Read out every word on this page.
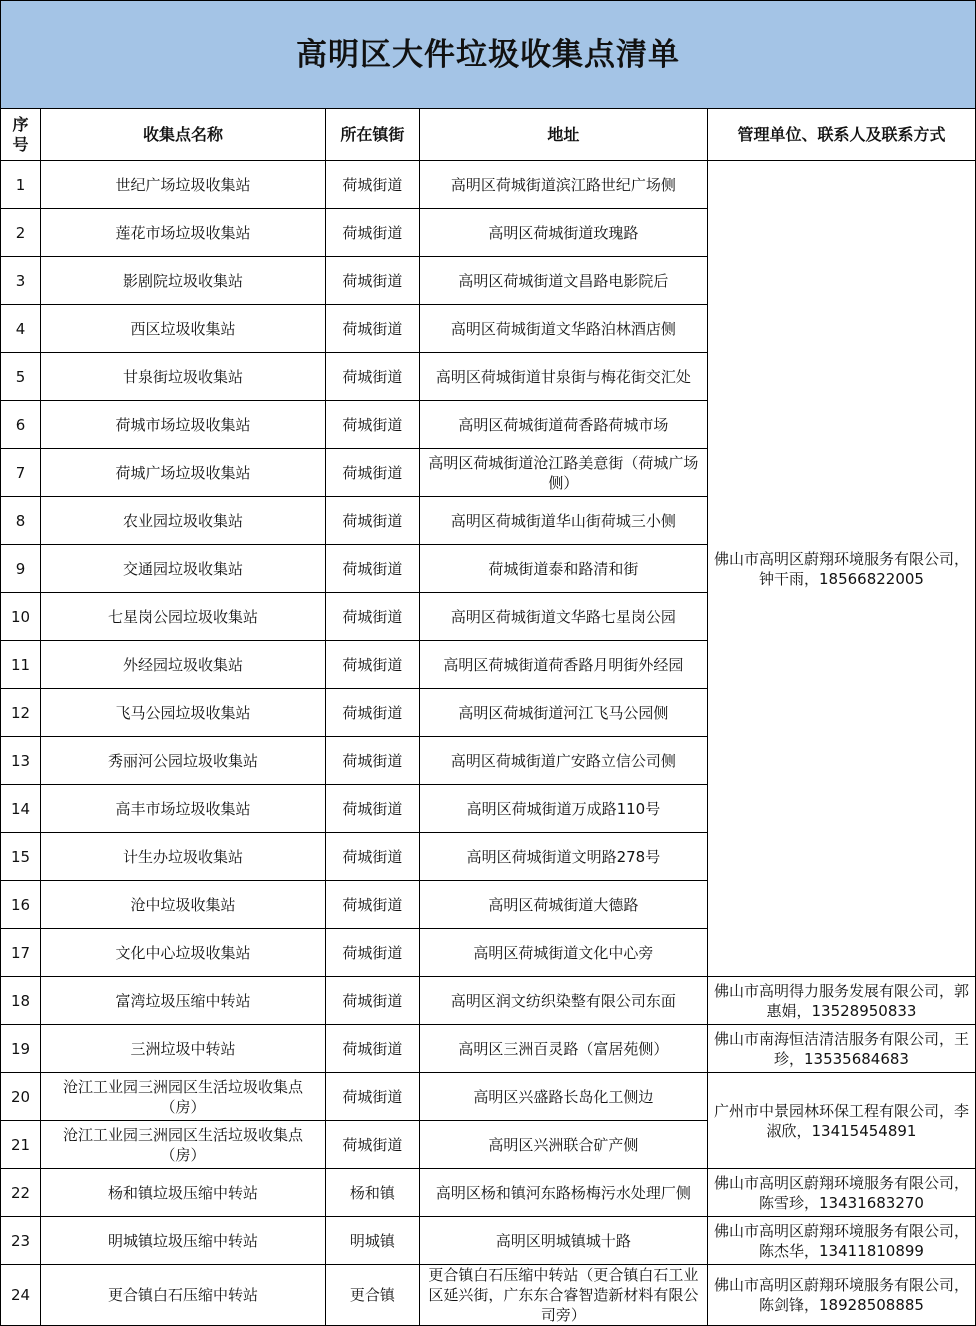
高明区大件垃圾收集点清单				
序号	收集点名称	所在镇街	地址	管理单位、联系人及联系方式
1	世纪广场垃圾收集站	荷城街道	高明区荷城街道滨江路世纪广场侧	佛山市高明区蔚翔环境服务有限公司，钟干雨，18566822005
2	莲花市场垃圾收集站	荷城街道	高明区荷城街道玫瑰路	
3	影剧院垃圾收集站	荷城街道	高明区荷城街道文昌路电影院后	
4	西区垃圾收集站	荷城街道	高明区荷城街道文华路泊林酒店侧	
5	甘泉街垃圾收集站	荷城街道	高明区荷城街道甘泉街与梅花街交汇处	
6	荷城市场垃圾收集站	荷城街道	高明区荷城街道荷香路荷城市场	
7	荷城广场垃圾收集站	荷城街道	高明区荷城街道沧江路美意街（荷城广场侧）	
8	农业园垃圾收集站	荷城街道	高明区荷城街道华山街荷城三小侧	
9	交通园垃圾收集站	荷城街道	荷城街道泰和路清和街	
10	七星岗公园垃圾收集站	荷城街道	高明区荷城街道文华路七星岗公园	
11	外经园垃圾收集站	荷城街道	高明区荷城街道荷香路月明街外经园	
12	飞马公园垃圾收集站	荷城街道	高明区荷城街道河江飞马公园侧	
13	秀丽河公园垃圾收集站	荷城街道	高明区荷城街道广安路立信公司侧	
14	高丰市场垃圾收集站	荷城街道	高明区荷城街道万成路110号	
15	计生办垃圾收集站	荷城街道	高明区荷城街道文明路278号	
16	沧中垃圾收集站	荷城街道	高明区荷城街道大德路	
17	文化中心垃圾收集站	荷城街道	高明区荷城街道文化中心旁	
18	富湾垃圾压缩中转站	荷城街道	高明区润文纺织染整有限公司东面	佛山市高明得力服务发展有限公司，郭惠娟，13528950833
19	三洲垃圾中转站	荷城街道	高明区三洲百灵路（富居苑侧）	佛山市南海恒洁清洁服务有限公司，王珍，13535684683
20	沧江工业园三洲园区生活垃圾收集点（房）	荷城街道	高明区兴盛路长岛化工侧边	广州市中景园林环保工程有限公司，李淑欣，13415454891
21	沧江工业园三洲园区生活垃圾收集点（房）	荷城街道	高明区兴洲联合矿产侧	
22	杨和镇垃圾压缩中转站	杨和镇	高明区杨和镇河东路杨梅污水处理厂侧	佛山市高明区蔚翔环境服务有限公司，陈雪珍，13431683270
23	明城镇垃圾压缩中转站	明城镇	高明区明城镇城十路	佛山市高明区蔚翔环境服务有限公司，陈杰华，13411810899
24	更合镇白石压缩中转站	更合镇	更合镇白石压缩中转站（更合镇白石工业区延兴街，广东东合睿智造新材料有限公司旁）	佛山市高明区蔚翔环境服务有限公司，陈剑锋，18928508885
